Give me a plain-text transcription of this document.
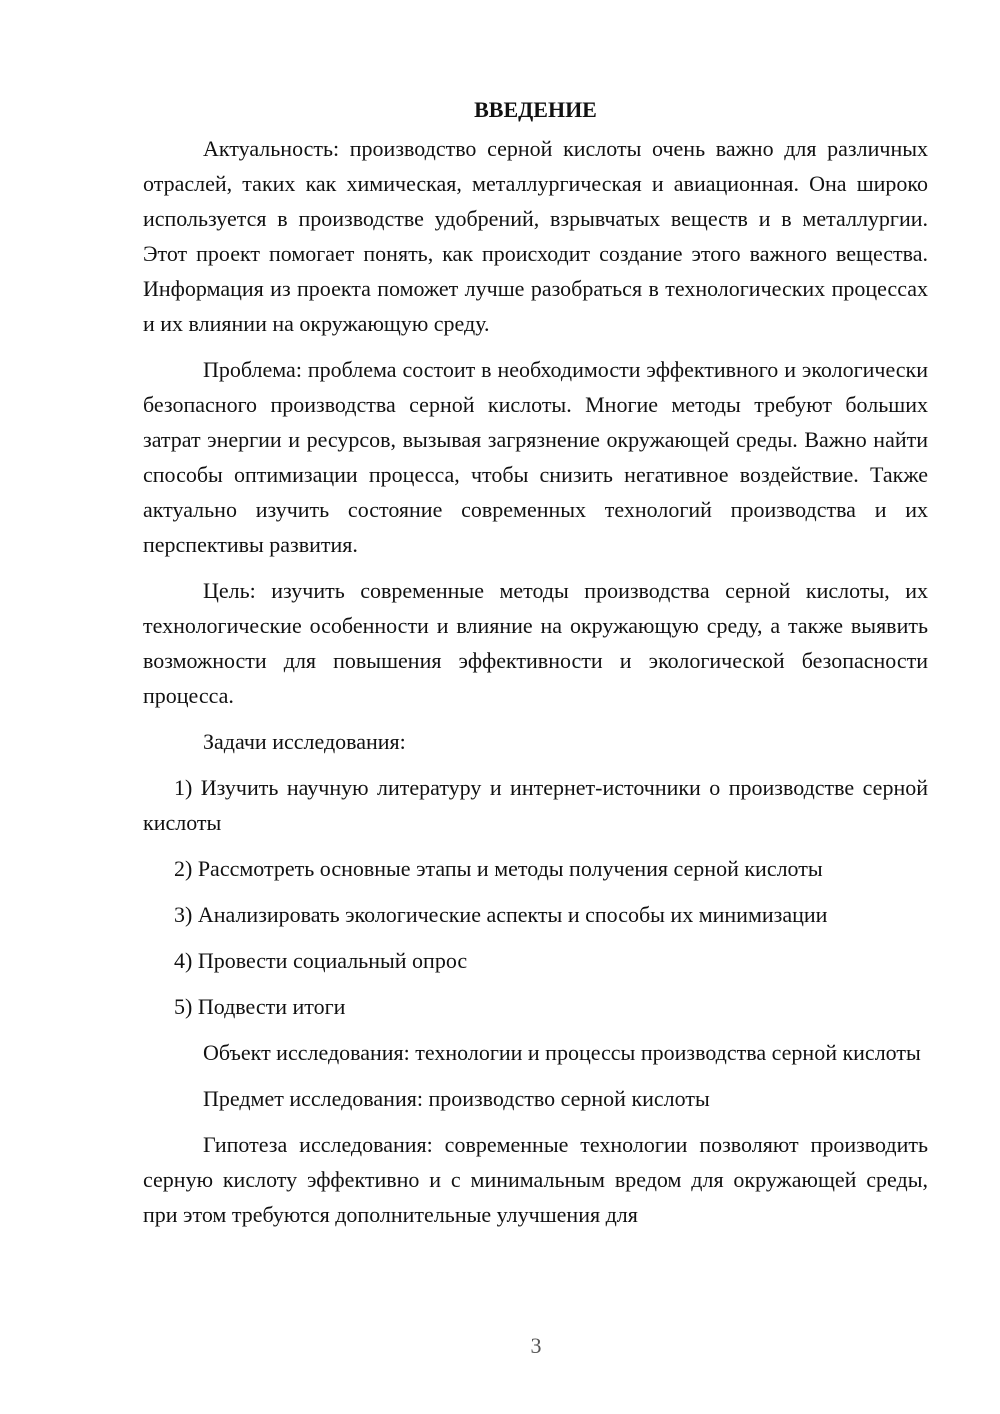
ВВЕДЕНИЕ

Актуальность: производство серной кислоты очень важно для различных отраслей, таких как химическая, металлургическая и авиационная. Она широко используется в производстве удобрений, взрывчатых веществ и в металлургии. Этот проект помогает понять, как происходит создание этого важного вещества. Информация из проекта поможет лучше разобраться в технологических процессах и их влиянии на окружающую среду.

Проблема: проблема состоит в необходимости эффективного и экологически безопасного производства серной кислоты. Многие методы требуют больших затрат энергии и ресурсов, вызывая загрязнение окружающей среды. Важно найти способы оптимизации процесса, чтобы снизить негативное воздействие. Также актуально изучить состояние современных технологий производства и их перспективы развития.

Цель: изучить современные методы производства серной кислоты, их технологические особенности и влияние на окружающую среду, а также выявить возможности для повышения эффективности и экологической безопасности процесса.

Задачи исследования:

1) Изучить научную литературу и интернет-источники о производстве серной кислоты

2) Рассмотреть основные этапы и методы получения серной кислоты

3) Анализировать экологические аспекты и способы их минимизации

4) Провести социальный опрос

5) Подвести итоги

Объект исследования: технологии и процессы производства серной кислоты

Предмет исследования: производство серной кислоты

Гипотеза исследования: современные технологии позволяют производить серную кислоту эффективно и с минимальным вредом для окружающей среды, при этом требуются дополнительные улучшения для

3
